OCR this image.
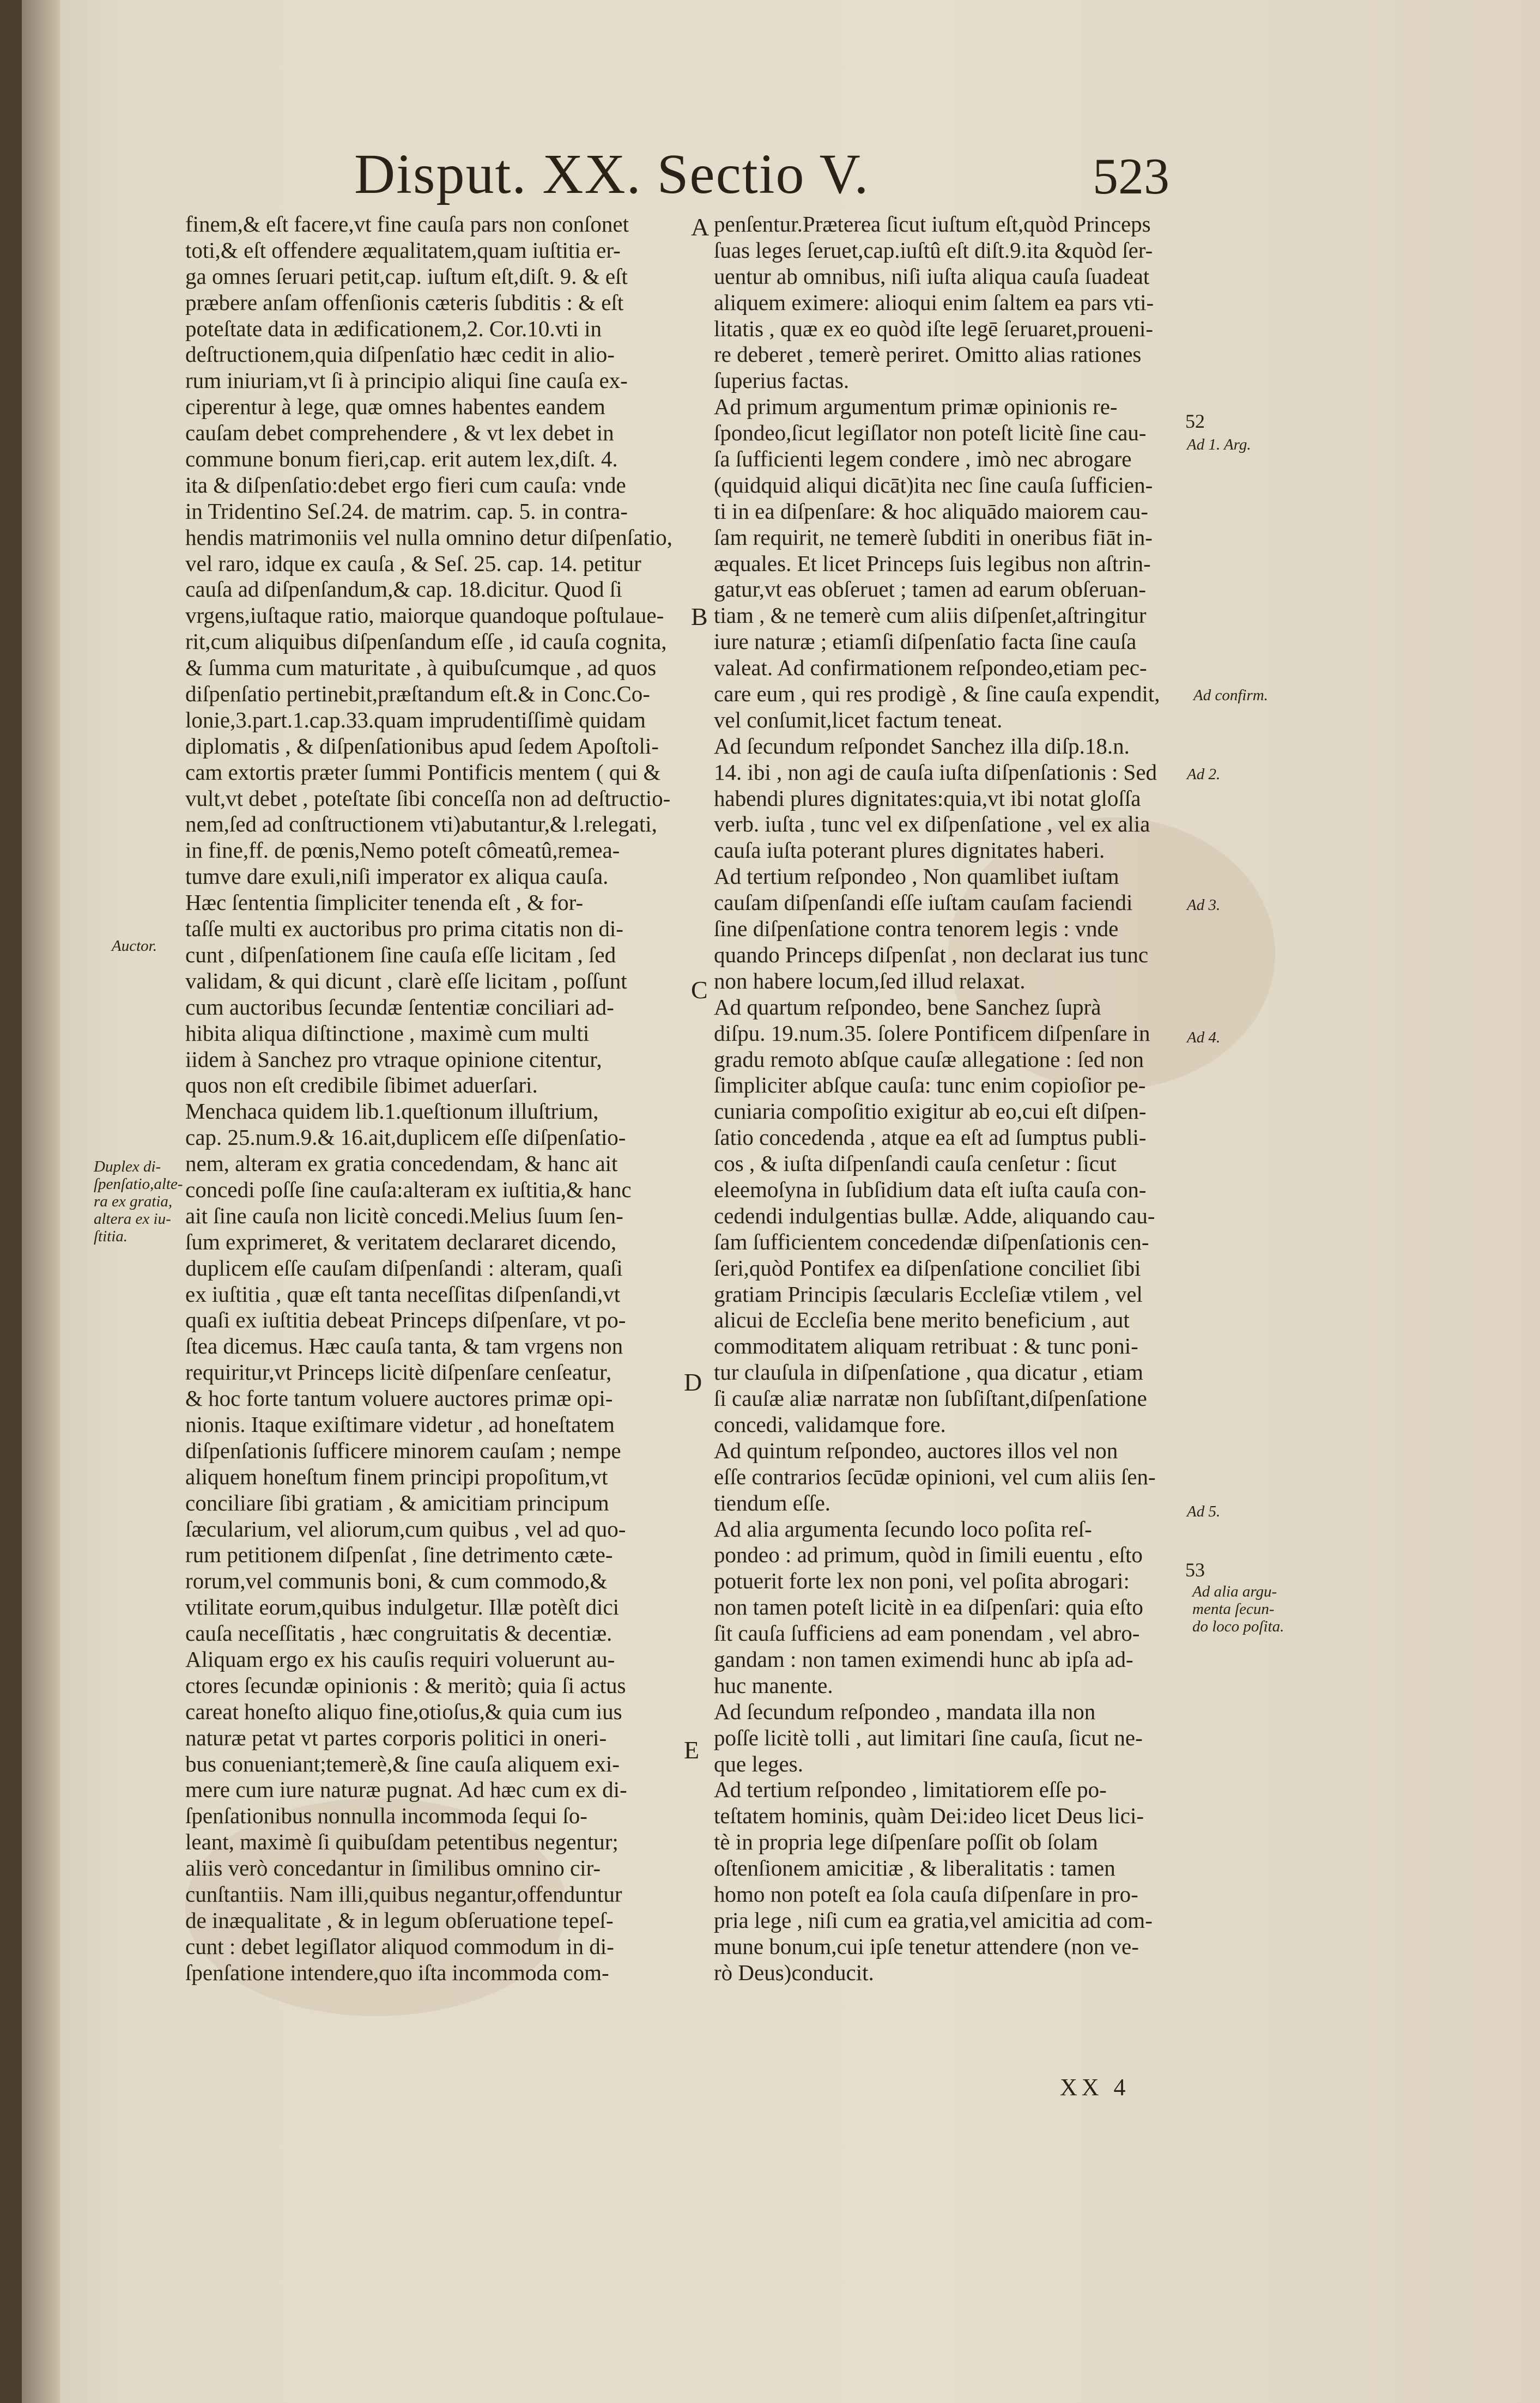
Disput. XX. Sectio V.	523
finem,& eſt facere,vt fine cauſa pars non conſonet
toti,& eſt offendere æqualitatem,quam iuſtitia er-
ga omnes ſeruari petit,cap. iuſtum eſt,diſt. 9. & eſt
præbere anſam offenſionis cæteris ſubditis : & eſt
poteſtate data in ædificationem,2. Cor.10.vti in
deſtructionem,quia diſpenſatio hæc cedit in alio-
rum iniuriam,vt ſi à principio aliqui ſine cauſa ex-
ciperentur à lege, quæ omnes habentes eandem
cauſam debet comprehendere , & vt lex debet in
commune bonum fieri,cap. erit autem lex,diſt. 4.
ita & diſpenſatio:debet ergo fieri cum cauſa: vnde
in Tridentino Seſ.24. de matrim. cap. 5. in contra-
hendis matrimoniis vel nulla omnino detur diſpenſatio,
vel raro, idque ex cauſa , & Seſ. 25. cap. 14. petitur
cauſa ad diſpenſandum,& cap. 18.dicitur. Quod ſi
vrgens,iuſtaque ratio, maiorque quandoque poſtulaue-
rit,cum aliquibus diſpenſandum eſſe , id cauſa cognita,
& ſumma cum maturitate , à quibuſcumque , ad quos
diſpenſatio pertinebit,præſtandum eſt.& in Conc.Co-
lonie,3.part.1.cap.33.quam imprudentiſſimè quidam
diplomatis , & diſpenſationibus apud ſedem Apoſtoli-
cam extortis præter ſummi Pontificis mentem ( qui &
vult,vt debet , poteſtate ſibi conceſſa non ad deſtructio-
nem,ſed ad conſtructionem vti)abutantur,& l.relegati,
in fine,ff. de pœnis,Nemo poteſt cômeatû,remea-
tumve dare exuli,niſi imperator ex aliqua cauſa.
Hæc ſententia ſimpliciter tenenda eſt , & for-
taſſe multi ex auctoribus pro prima citatis non di-
cunt , diſpenſationem ſine cauſa eſſe licitam , ſed
validam, & qui dicunt , clarè eſſe licitam , poſſunt
cum auctoribus ſecundæ ſententiæ conciliari ad-
hibita aliqua diſtinctione , maximè cum multi
iidem à Sanchez pro vtraque opinione citentur,
quos non eſt credibile ſibimet aduerſari.
Menchaca quidem lib.1.queſtionum illuſtrium,
cap. 25.num.9.& 16.ait,duplicem eſſe diſpenſatio-
nem, alteram ex gratia concedendam, & hanc ait
concedi poſſe ſine cauſa:alteram ex iuſtitia,& hanc
ait ſine cauſa non licitè concedi.Melius ſuum ſen-
ſum exprimeret, & veritatem declararet dicendo,
duplicem eſſe cauſam diſpenſandi : alteram, quaſi
ex iuſtitia , quæ eſt tanta neceſſitas diſpenſandi,vt
quaſi ex iuſtitia debeat Princeps diſpenſare, vt po-
ſtea dicemus. Hæc cauſa tanta, & tam vrgens non
requiritur,vt Princeps licitè diſpenſare cenſeatur,
& hoc forte tantum voluere auctores primæ opi-
nionis. Itaque exiſtimare videtur , ad honeſtatem
diſpenſationis ſufficere minorem cauſam ; nempe
aliquem honeſtum finem principi propoſitum,vt
conciliare ſibi gratiam , & amicitiam principum
ſæcularium, vel aliorum,cum quibus , vel ad quo-
rum petitionem diſpenſat , ſine detrimento cæte-
rorum,vel communis boni, & cum commodo,&
vtilitate eorum,quibus indulgetur. Illæ potèſt dici
cauſa neceſſitatis , hæc congruitatis & decentiæ.
Aliquam ergo ex his cauſis requiri voluerunt au-
ctores ſecundæ opinionis : & meritò; quia ſi actus
careat honeſto aliquo fine,otioſus,& quia cum ius
naturæ petat vt partes corporis politici in oneri-
bus conueniant;temerè,& ſine cauſa aliquem exi-
mere cum iure naturæ pugnat. Ad hæc cum ex di-
ſpenſationibus nonnulla incommoda ſequi ſo-
leant, maximè ſi quibuſdam petentibus negentur;
aliis verò concedantur in ſimilibus omnino cir-
cunſtantiis. Nam illi,quibus negantur,offenduntur
de inæqualitate , & in legum obſeruatione tepeſ-
cunt : debet legiſlator aliquod commodum in di-
ſpenſatione intendere,quo iſta incommoda com-
penſentur.Præterea ſicut iuſtum eſt,quòd Princeps
ſuas leges ſeruet,cap.iuſtû eſt diſt.9.ita &quòd ſer-
uentur ab omnibus, niſi iuſta aliqua cauſa ſuadeat
aliquem eximere: alioqui enim ſaltem ea pars vti-
litatis , quæ ex eo quòd iſte legē ſeruaret,proueni-
re deberet , temerè periret. Omitto alias rationes
ſuperius factas.
Ad primum argumentum primæ opinionis re-
ſpondeo,ſicut legiſlator non poteſt licitè ſine cau-
ſa ſufficienti legem condere , imò nec abrogare
(quidquid aliqui dicāt)ita nec ſine cauſa ſufficien-
ti in ea diſpenſare: & hoc aliquādo maiorem cau-
ſam requirit, ne temerè ſubditi in oneribus fiāt in-
æquales. Et licet Princeps ſuis legibus non aſtrin-
gatur,vt eas obſeruet ; tamen ad earum obſeruan-
tiam , & ne temerè cum aliis diſpenſet,aſtringitur
iure naturæ ; etiamſi diſpenſatio facta ſine cauſa
valeat. Ad confirmationem reſpondeo,etiam pec-
care eum , qui res prodigè , & ſine cauſa expendit,
vel conſumit,licet factum teneat.
Ad ſecundum reſpondet Sanchez illa diſp.18.n.
14. ibi , non agi de cauſa iuſta diſpenſationis : Sed
habendi plures dignitates:quia,vt ibi notat gloſſa
verb. iuſta , tunc vel ex diſpenſatione , vel ex alia
cauſa iuſta poterant plures dignitates haberi.
Ad tertium reſpondeo , Non quamlibet iuſtam
cauſam diſpenſandi eſſe iuſtam cauſam faciendi
ſine diſpenſatione contra tenorem legis : vnde
quando Princeps diſpenſat , non declarat ius tunc
non habere locum,ſed illud relaxat.
Ad quartum reſpondeo, bene Sanchez ſuprà
diſpu. 19.num.35. ſolere Pontificem diſpenſare in
gradu remoto abſque cauſæ allegatione : ſed non
ſimpliciter abſque cauſa: tunc enim copioſior pe-
cuniaria compoſitio exigitur ab eo,cui eſt diſpen-
ſatio concedenda , atque ea eſt ad ſumptus publi-
cos , & iuſta diſpenſandi cauſa cenſetur : ſicut
eleemoſyna in ſubſidium data eſt iuſta cauſa con-
cedendi indulgentias bullæ. Adde, aliquando cau-
ſam ſufficientem concedendæ diſpenſationis cen-
ſeri,quòd Pontifex ea diſpenſatione conciliet ſibi
gratiam Principis ſæcularis Eccleſiæ vtilem , vel
alicui de Eccleſia bene merito beneficium , aut
commoditatem aliquam retribuat : & tunc poni-
tur clauſula in diſpenſatione , qua dicatur , etiam
ſi cauſæ aliæ narratæ non ſubſiſtant,diſpenſatione
concedi, validamque fore.
Ad quintum reſpondeo, auctores illos vel non
eſſe contrarios ſecūdæ opinioni, vel cum aliis ſen-
tiendum eſſe.
Ad alia argumenta ſecundo loco poſita reſ-
pondeo : ad primum, quòd in ſimili euentu , eſto
potuerit forte lex non poni, vel poſita abrogari:
non tamen poteſt licitè in ea diſpenſari: quia eſto
ſit cauſa ſufficiens ad eam ponendam , vel abro-
gandam : non tamen eximendi hunc ab ipſa ad-
huc manente.
Ad ſecundum reſpondeo , mandata illa non
poſſe licitè tolli , aut limitari ſine cauſa, ſicut ne-
que leges.
Ad tertium reſpondeo , limitatiorem eſſe po-
teſtatem hominis, quàm Dei:ideo licet Deus lici-
tè in propria lege diſpenſare poſſit ob ſolam
oſtenſionem amicitiæ , & liberalitatis : tamen
homo non poteſt ea ſola cauſa diſpenſare in pro-
pria lege , niſi cum ea gratia,vel amicitia ad com-
mune bonum,cui ipſe tenetur attendere (non ve-
rò Deus)conducit.
A
B
C
D
E
Auctor.
Duplex di-
ſpenſatio,alte-
ra ex gratia,
altera ex iu-
ſtitia.
52
Ad 1. Arg.
Ad confirm.
Ad 2.
Ad 3.
Ad 4.
Ad 5.
53
Ad alia argu-
menta ſecun-
do loco poſita.
XX 4
